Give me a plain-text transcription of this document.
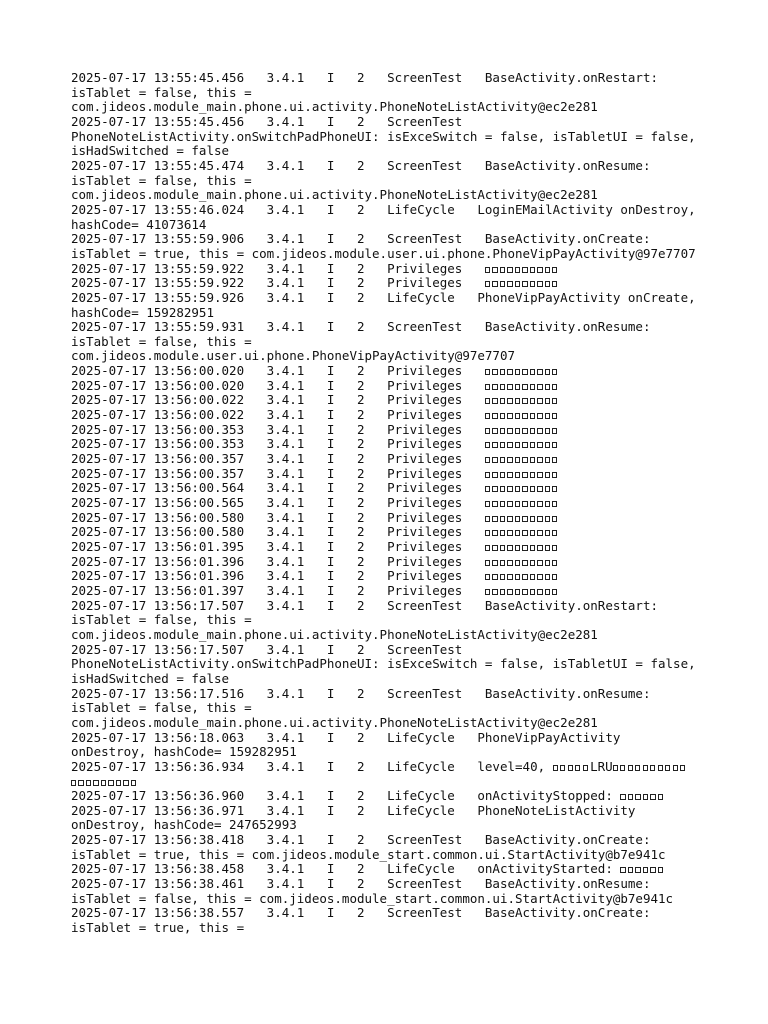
2025-07-17 13:55:45.456   3.4.1   I   2   ScreenTest   BaseActivity.onRestart:
isTablet = false, this =
com.jideos.module_main.phone.ui.activity.PhoneNoteListActivity@ec2e281
2025-07-17 13:55:45.456   3.4.1   I   2   ScreenTest
PhoneNoteListActivity.onSwitchPadPhoneUI: isExceSwitch = false, isTabletUI = false,
isHadSwitched = false
2025-07-17 13:55:45.474   3.4.1   I   2   ScreenTest   BaseActivity.onResume:
isTablet = false, this =
com.jideos.module_main.phone.ui.activity.PhoneNoteListActivity@ec2e281
2025-07-17 13:55:46.024   3.4.1   I   2   LifeCycle   LoginEMailActivity onDestroy,
hashCode= 41073614
2025-07-17 13:55:59.906   3.4.1   I   2   ScreenTest   BaseActivity.onCreate:
isTablet = true, this = com.jideos.module.user.ui.phone.PhoneVipPayActivity@97e7707
2025-07-17 13:55:59.922   3.4.1   I   2   Privileges
2025-07-17 13:55:59.922   3.4.1   I   2   Privileges
2025-07-17 13:55:59.926   3.4.1   I   2   LifeCycle   PhoneVipPayActivity onCreate,
hashCode= 159282951
2025-07-17 13:55:59.931   3.4.1   I   2   ScreenTest   BaseActivity.onResume:
isTablet = false, this =
com.jideos.module.user.ui.phone.PhoneVipPayActivity@97e7707
2025-07-17 13:56:00.020   3.4.1   I   2   Privileges
2025-07-17 13:56:00.020   3.4.1   I   2   Privileges
2025-07-17 13:56:00.022   3.4.1   I   2   Privileges
2025-07-17 13:56:00.022   3.4.1   I   2   Privileges
2025-07-17 13:56:00.353   3.4.1   I   2   Privileges
2025-07-17 13:56:00.353   3.4.1   I   2   Privileges
2025-07-17 13:56:00.357   3.4.1   I   2   Privileges
2025-07-17 13:56:00.357   3.4.1   I   2   Privileges
2025-07-17 13:56:00.564   3.4.1   I   2   Privileges
2025-07-17 13:56:00.565   3.4.1   I   2   Privileges
2025-07-17 13:56:00.580   3.4.1   I   2   Privileges
2025-07-17 13:56:00.580   3.4.1   I   2   Privileges
2025-07-17 13:56:01.395   3.4.1   I   2   Privileges
2025-07-17 13:56:01.396   3.4.1   I   2   Privileges
2025-07-17 13:56:01.396   3.4.1   I   2   Privileges
2025-07-17 13:56:01.397   3.4.1   I   2   Privileges
2025-07-17 13:56:17.507   3.4.1   I   2   ScreenTest   BaseActivity.onRestart:
isTablet = false, this =
com.jideos.module_main.phone.ui.activity.PhoneNoteListActivity@ec2e281
2025-07-17 13:56:17.507   3.4.1   I   2   ScreenTest
PhoneNoteListActivity.onSwitchPadPhoneUI: isExceSwitch = false, isTabletUI = false,
isHadSwitched = false
2025-07-17 13:56:17.516   3.4.1   I   2   ScreenTest   BaseActivity.onResume:
isTablet = false, this =
com.jideos.module_main.phone.ui.activity.PhoneNoteListActivity@ec2e281
2025-07-17 13:56:18.063   3.4.1   I   2   LifeCycle   PhoneVipPayActivity
onDestroy, hashCode= 159282951
2025-07-17 13:56:36.934   3.4.1   I   2   LifeCycle   level=40,	LRU
2025-07-17 13:56:36.960   3.4.1   I   2   LifeCycle   onActivityStopped:
2025-07-17 13:56:36.971   3.4.1   I   2   LifeCycle   PhoneNoteListActivity
onDestroy, hashCode= 247652993
2025-07-17 13:56:38.418   3.4.1   I   2   ScreenTest   BaseActivity.onCreate:
isTablet = true, this = com.jideos.module_start.common.ui.StartActivity@b7e941c
2025-07-17 13:56:38.458   3.4.1   I   2   LifeCycle   onActivityStarted:
2025-07-17 13:56:38.461   3.4.1   I   2   ScreenTest   BaseActivity.onResume:
isTablet = false, this = com.jideos.module_start.common.ui.StartActivity@b7e941c
2025-07-17 13:56:38.557   3.4.1   I   2   ScreenTest   BaseActivity.onCreate:
isTablet = true, this =
